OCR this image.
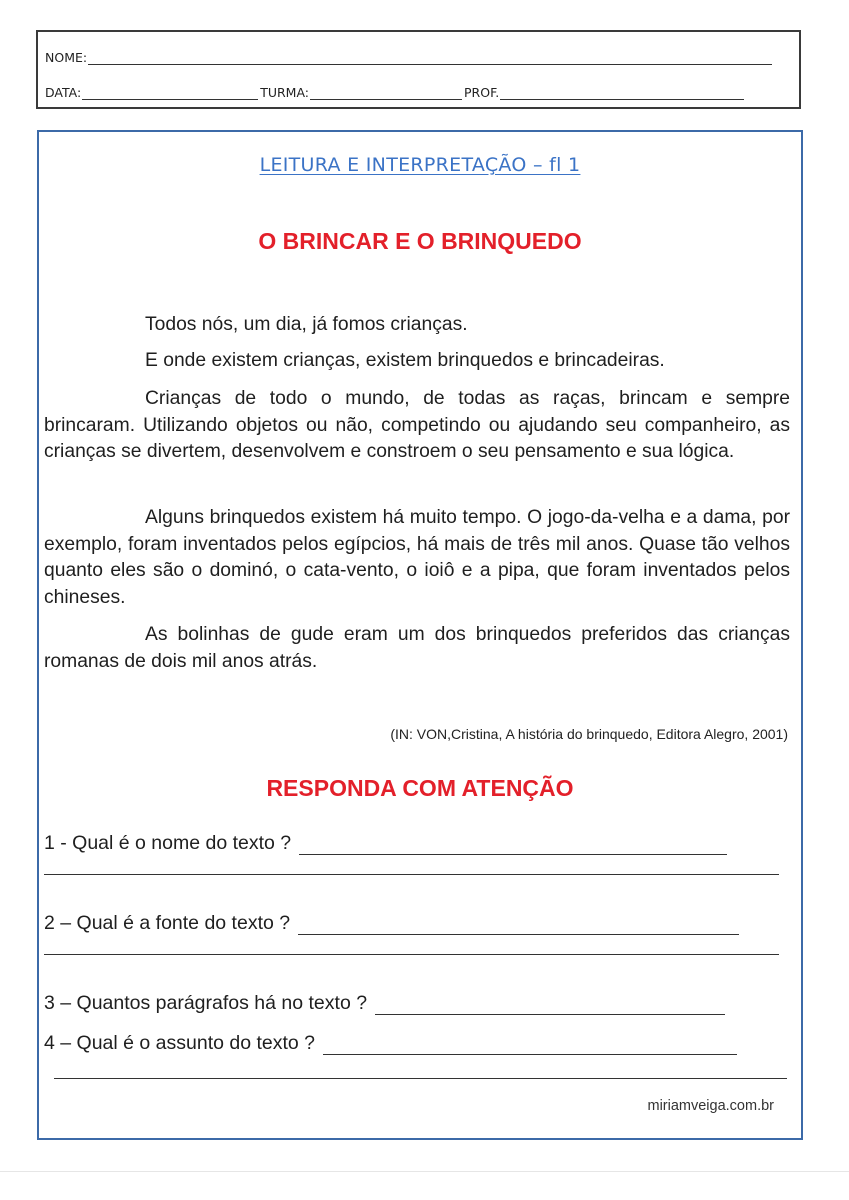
NOME:
DATA:	TURMA:	PROF.
LEITURA E INTERPRETAÇÃO – fl 1
O BRINCAR E O BRINQUEDO

Todos nós, um dia, já fomos crianças.

E onde existem crianças, existem brinquedos e brincadeiras.

Crianças de todo o mundo, de todas as raças, brincam e sempre brincaram. Utilizando objetos ou não, competindo ou ajudando seu companheiro, as crianças se divertem, desenvolvem e constroem o seu pensamento e sua lógica.

Alguns brinquedos existem há muito tempo. O jogo-da-velha e a dama, por exemplo, foram inventados pelos egípcios, há mais de três mil anos. Quase tão velhos quanto eles são o dominó, o cata-vento, o ioiô e a pipa, que foram inventados pelos chineses.

As bolinhas de gude eram um dos brinquedos preferidos das crianças romanas de dois mil anos atrás.

(IN: VON,Cristina, A história do brinquedo, Editora Alegro, 2001)
RESPONDA COM ATENÇÃO
1 - Qual é o nome do texto ?
2 – Qual é a fonte do texto ?
3 – Quantos parágrafos há no texto ?
4 – Qual é o assunto do texto ?
miriamveiga.com.br
